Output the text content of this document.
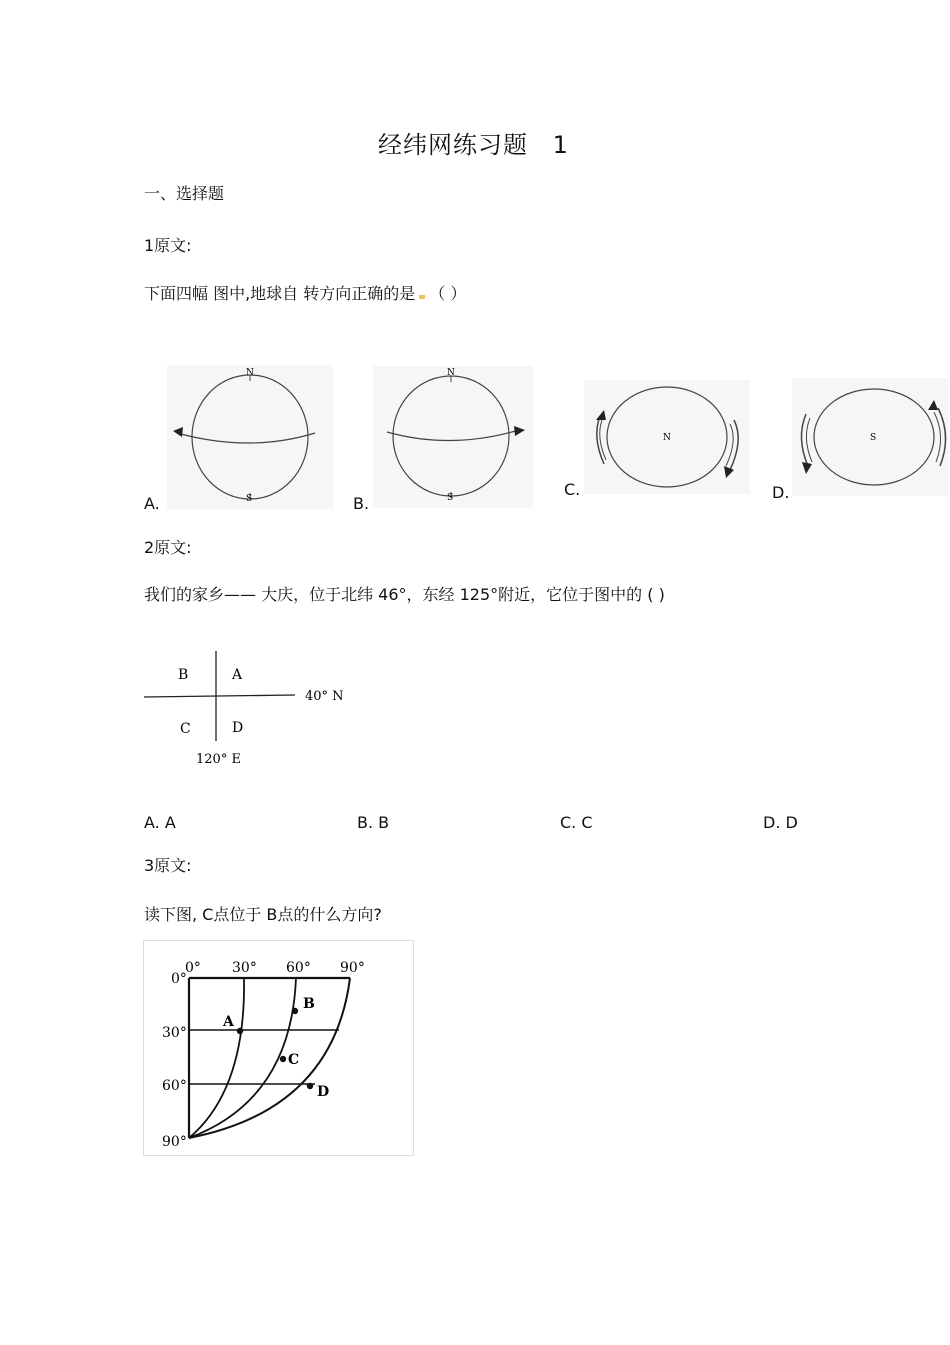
经纬网练习题 1
一、选择题
1原文:
下面四幅 图中,地球自 转方向正确的是 （ ）
A.
N
S	B.
N
S	C.
N
D.
S
2原文:
我们的家乡—— 大庆，位于北纬 46°，东经 125°附近，它位于图中的 ( )
B	A
C	D
40° N
120° E
A. A	B. B	C. C	D. D
3原文:
读下图, C点位于 B点的什么方向?
A
B
C
D
0° 30° 60° 90°
0°
30°
60°
90°
